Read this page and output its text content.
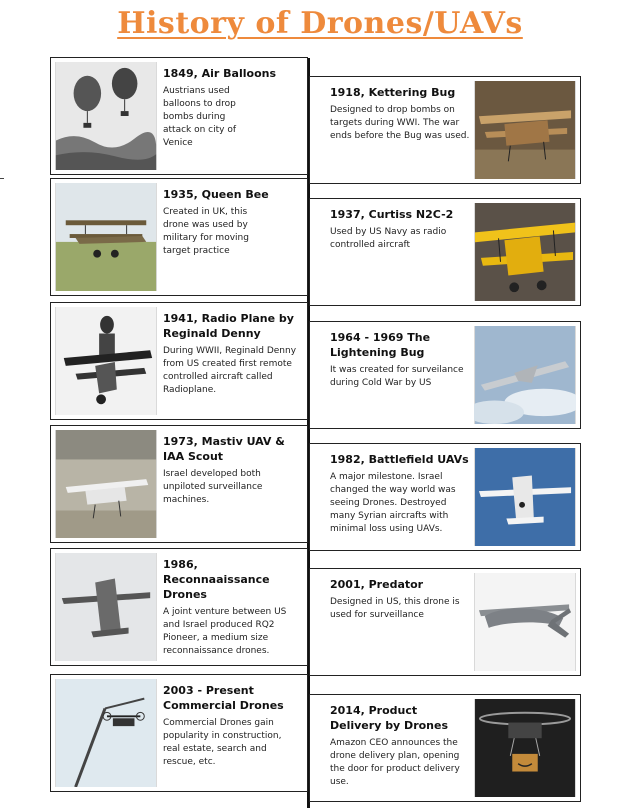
History of Drones/UAVs
1849, Air Balloons

Austrians used balloons to drop bombs during attack on city of Venice

1935, Queen Bee

Created in UK, this drone was used by military for moving target practice

1941, Radio Plane by Reginald Denny

During WWII, Reginald Denny from US created first remote controlled aircraft called Radioplane.

1973, Mastiv UAV & IAA Scout

Israel developed both unpiloted surveillance machines.

1986, Reconnaaissance Drones

A joint venture between US and Israel produced RQ2 Pioneer, a medium size reconnaissance drones.

2003 - Present Commercial Drones

Commercial Drones gain popularity in construction, real estate, search and rescue, etc.

1918, Kettering Bug

Designed to drop bombs on targets during WWI. The war ends before the Bug was used.

1937, Curtiss N2C-2

Used by US Navy as radio controlled aircraft

1964 - 1969 The Lightening Bug

It was created for surveilance during Cold War by US

1982, Battlefield UAVs

A major milestone. Israel changed the way world was seeing Drones. Destroyed many Syrian aircrafts with minimal loss using UAVs.

2001, Predator

Designed in US, this drone is used for surveillance

2014, Product Delivery by Drones

Amazon CEO announces the drone delivery plan, opening the door for product delivery use.
